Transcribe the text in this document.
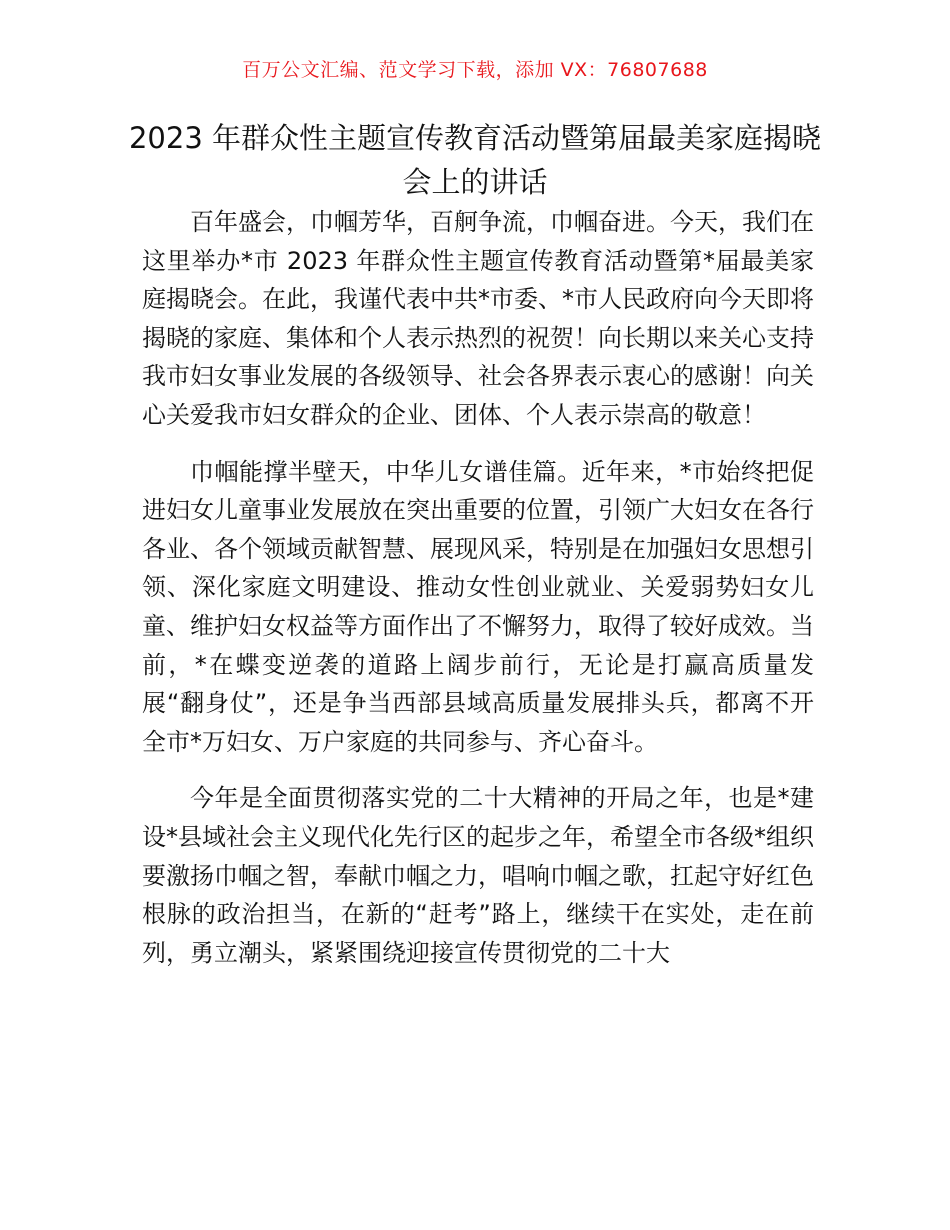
百万公文汇编、范文学习下载，添加 VX：76807688
2023 年群众性主题宣传教育活动暨第届最美家庭揭晓会上的讲话

百年盛会，巾帼芳华，百舸争流，巾帼奋进。今天，我们在这里举办*市 2023 年群众性主题宣传教育活动暨第*届最美家庭揭晓会。在此，我谨代表中共*市委、*市人民政府向今天即将揭晓的家庭、集体和个人表示热烈的祝贺！向长期以来关心支持我市妇女事业发展的各级领导、社会各界表示衷心的感谢！向关心关爱我市妇女群众的企业、团体、个人表示崇高的敬意！

巾帼能撑半壁天，中华儿女谱佳篇。近年来，*市始终把促进妇女儿童事业发展放在突出重要的位置，引领广大妇女在各行各业、各个领域贡献智慧、展现风采，特别是在加强妇女思想引领、深化家庭文明建设、推动女性创业就业、关爱弱势妇女儿童、维护妇女权益等方面作出了不懈努力，取得了较好成效。当前，*在蝶变逆袭的道路上阔步前行，无论是打赢高质量发展“翻身仗”，还是争当西部县域高质量发展排头兵，都离不开全市*万妇女、万户家庭的共同参与、齐心奋斗。

今年是全面贯彻落实党的二十大精神的开局之年，也是*建设*县域社会主义现代化先行区的起步之年，希望全市各级*组织要激扬巾帼之智，奉献巾帼之力，唱响巾帼之歌，扛起守好红色根脉的政治担当，在新的“赶考”路上，继续干在实处，走在前列，勇立潮头，紧紧围绕迎接宣传贯彻党的二十大
